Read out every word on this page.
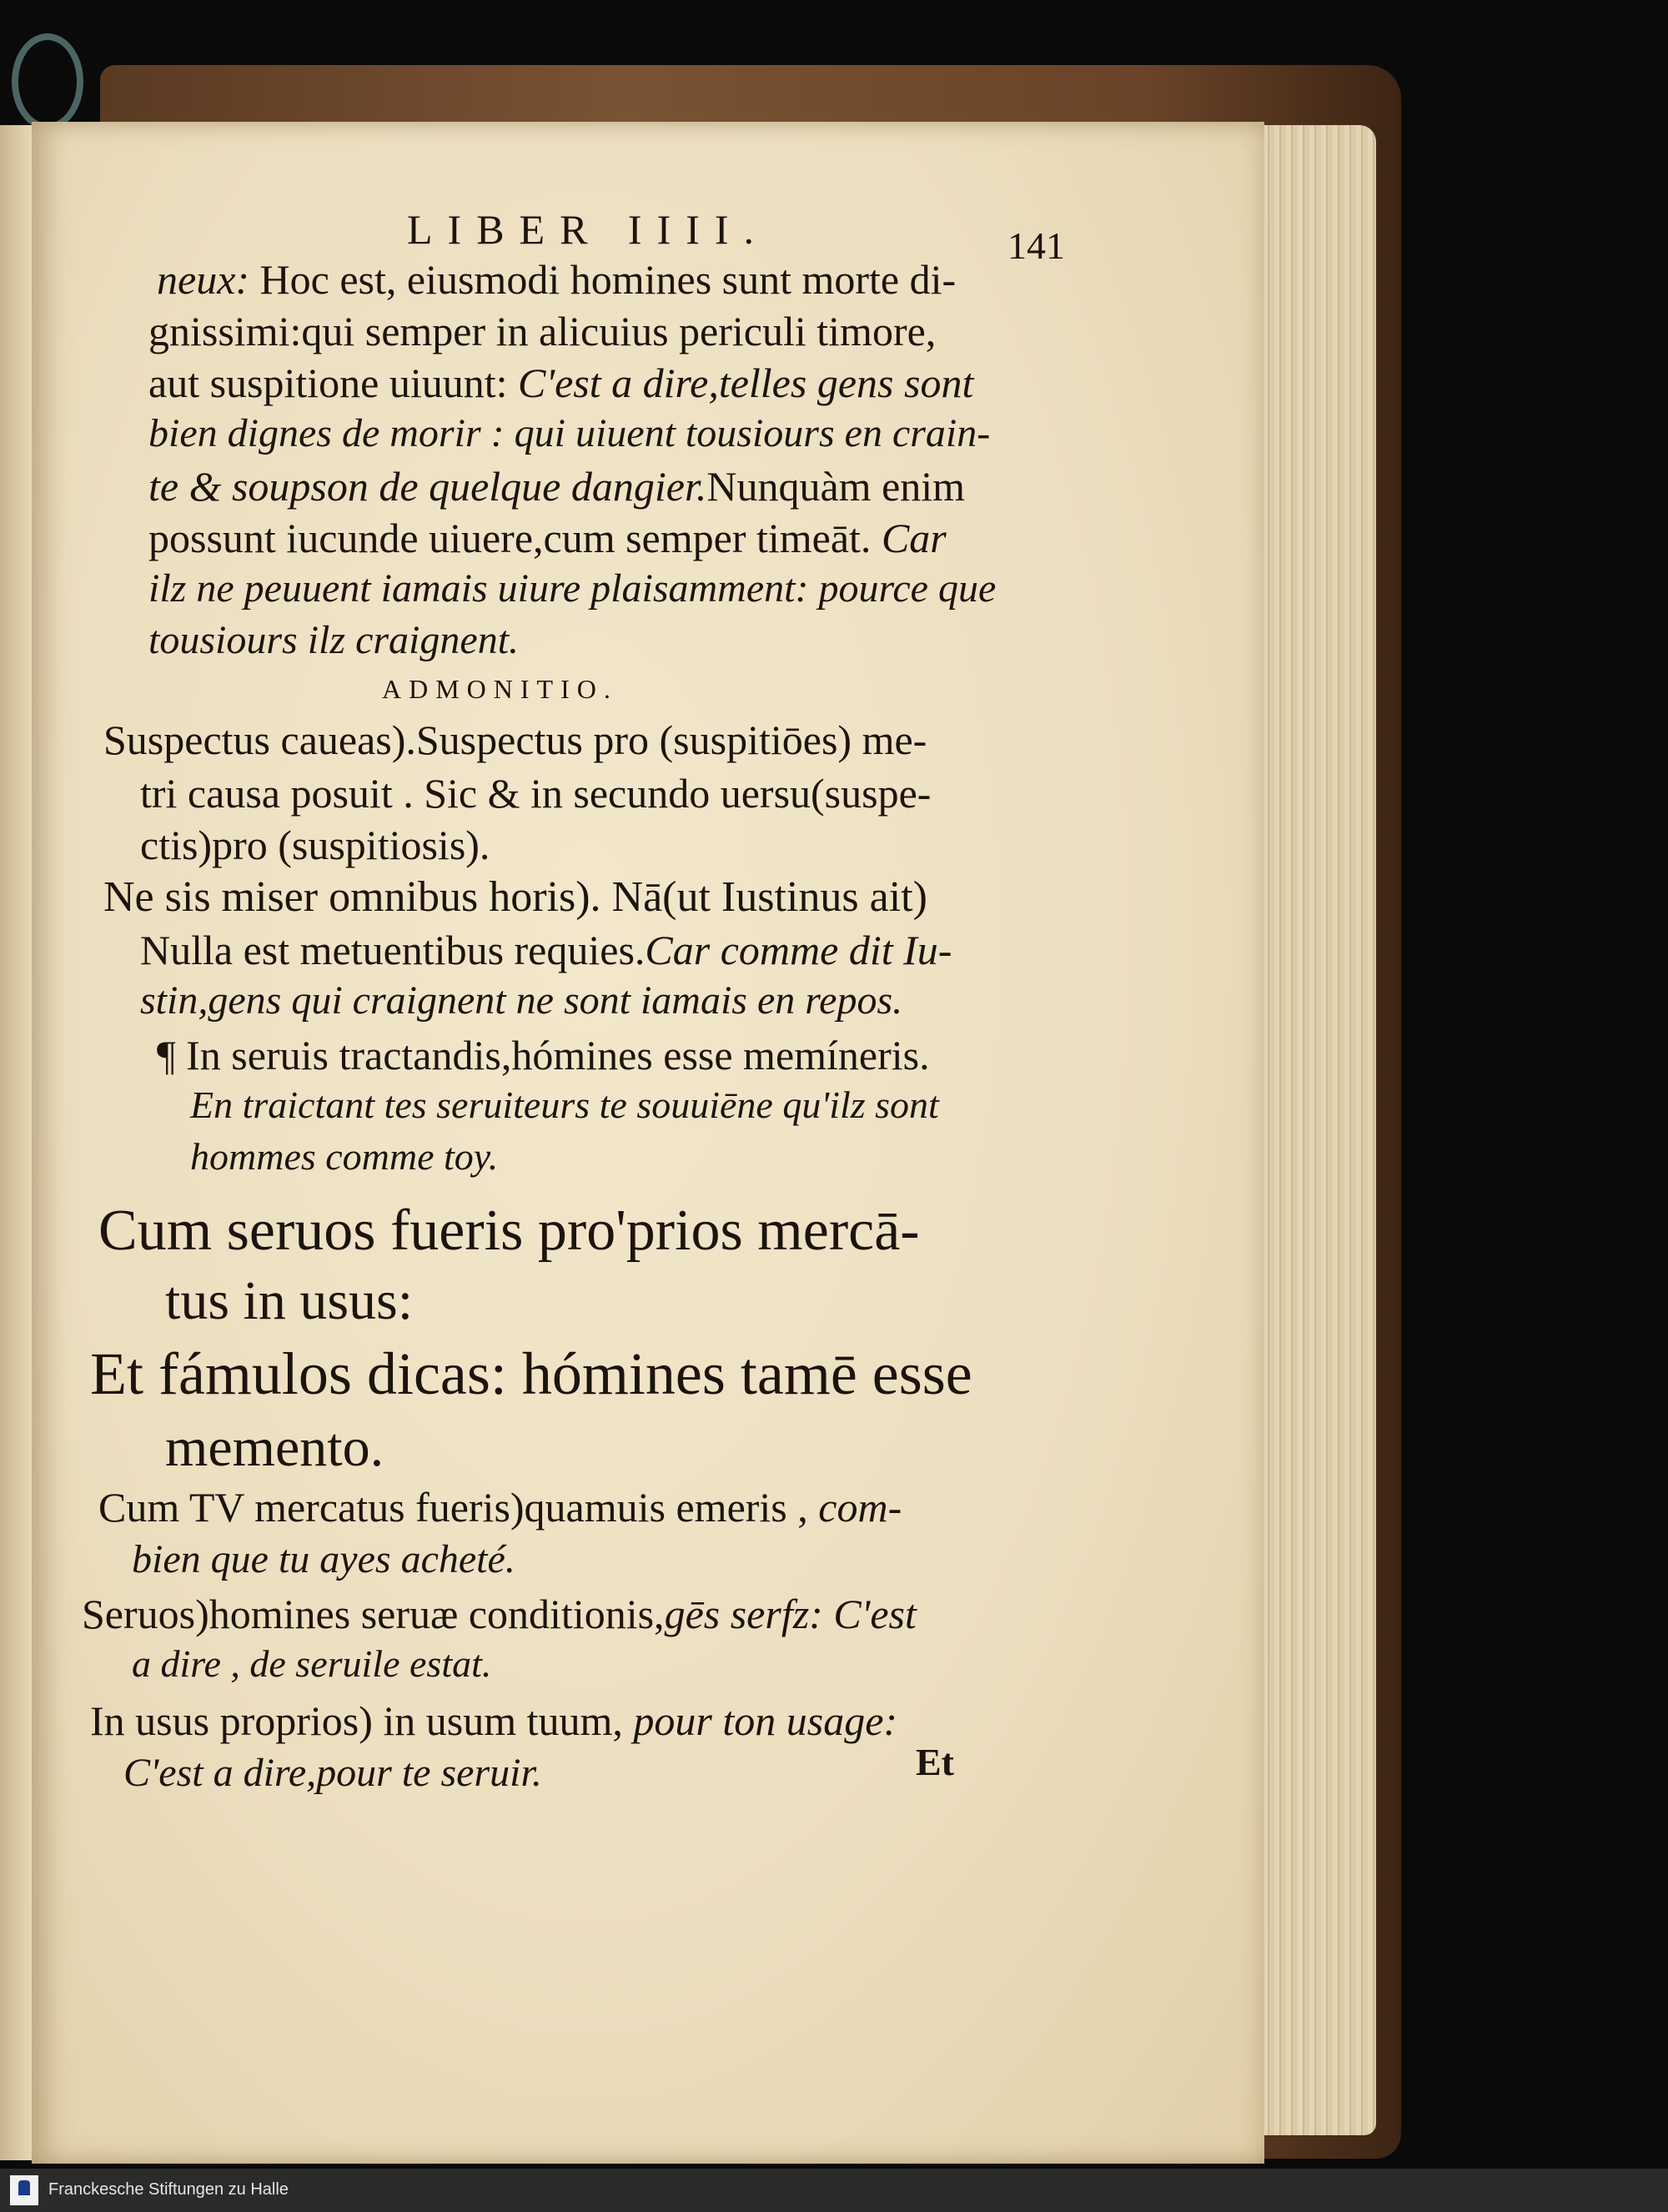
LIBER IIII.	141
ADMONITIO.
Et
neux: Hoc est, eiusmodi homines sunt morte di-
gnissimi:qui semper in alicuius periculi timore,
aut suspitione uiuunt: C'est a dire,telles gens sont
bien dignes de morir : qui uiuent tousiours en crain-
te & soupson de quelque dangier.Nunquàm enim
possunt iucunde uiuere,cum semper timeāt. Car
ilz ne peuuent iamais uiure plaisamment: pource que
tousiours ilz craignent.
Suspectus caueas).Suspectus pro (suspitiōes) me-
tri causa posuit . Sic & in secundo uersu(suspe-
ctis)pro (suspitiosis).
Ne sis miser omnibus horis). Nā(ut Iustinus ait)
Nulla est metuentibus requies.Car comme dit Iu-
stin,gens qui craignent ne sont iamais en repos.
¶ In seruis tractandis,hómines esse memíneris.
En traictant tes seruiteurs te souuiēne qu'ilz sont
hommes comme toy.
Cum seruos fueris pro'prios mercā-
tus in usus:
Et fámulos dicas: hómines tamē esse
memento.
Cum TV mercatus fueris)quamuis emeris , com-
bien que tu ayes acheté.
Seruos)homines seruæ conditionis,gēs serfz: C'est
a dire , de seruile estat.
In usus proprios) in usum tuum, pour ton usage:
C'est a dire,pour te seruir.
Franckesche Stiftungen zu Halle
